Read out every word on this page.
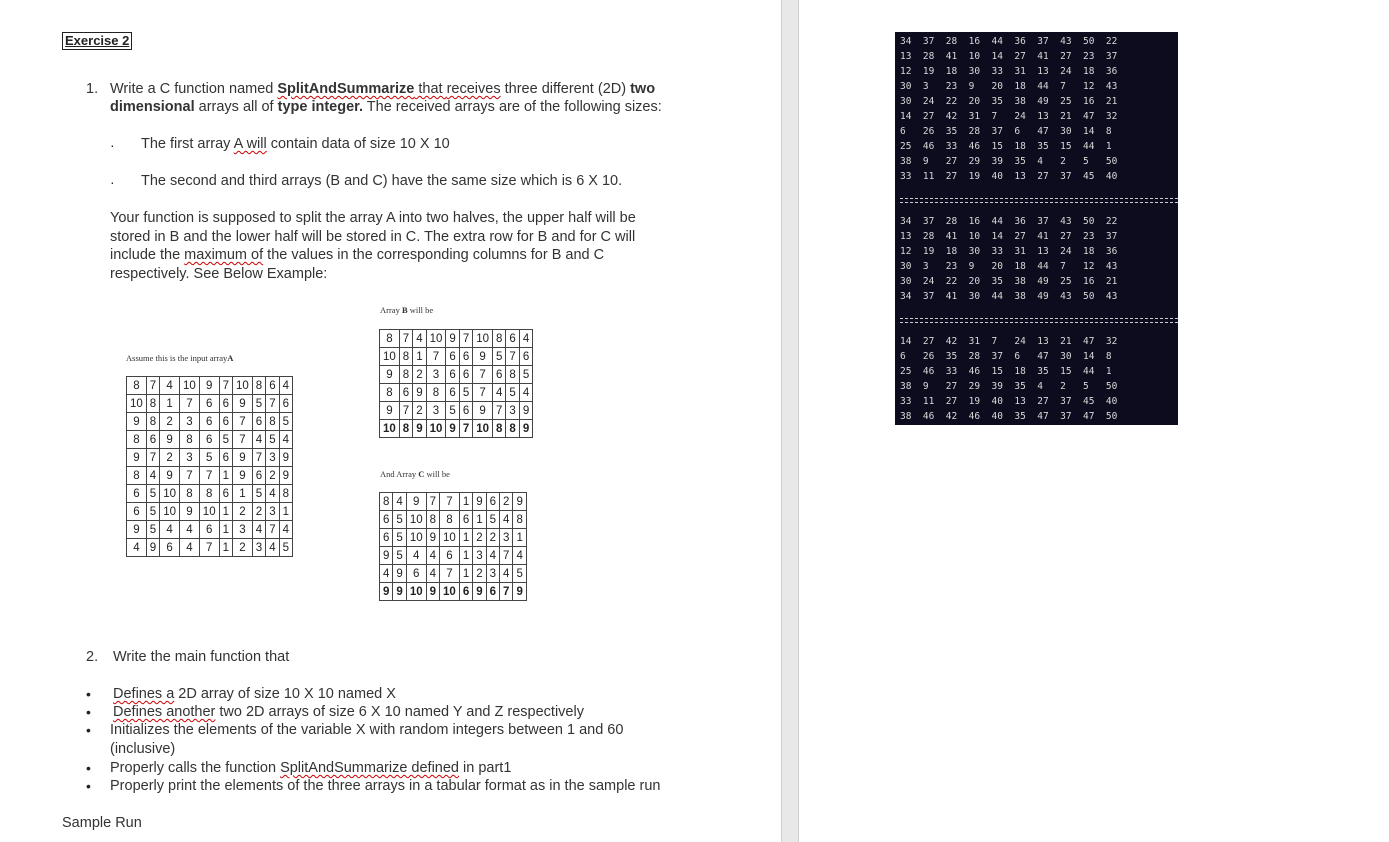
Exercise 2
1. Write a C function named SplitAndSummarize that receives three different (2D) two
dimensional arrays all of type integer. The received arrays are of the following sizes:
· The first array A will contain data of size 10 X 10
· The second and third arrays (B and C) have the same size which is 6 X 10.
Your function is supposed to split the array A into two halves, the upper half will be
stored in B and the lower half will be stored in C. The extra row for B and for C will
include the maximum of the values in the corresponding columns for B and C
respectively. See Below Example:
Array B will be
Assume this is the input arrayA
And Array C will be
8	7	4	10	9	7	10	8	6	4
10	8	1	7	6	6	9	5	7	6
9	8	2	3	6	6	7	6	8	5
8	6	9	8	6	5	7	4	5	4
9	7	2	3	5	6	9	7	3	9
8	4	9	7	7	1	9	6	2	9
6	5	10	8	8	6	1	5	4	8
6	5	10	9	10	1	2	2	3	1
9	5	4	4	6	1	3	4	7	4
4	9	6	4	7	1	2	3	4	5
8	7	4	10	9	7	10	8	6	4
10	8	1	7	6	6	9	5	7	6
9	8	2	3	6	6	7	6	8	5
8	6	9	8	6	5	7	4	5	4
9	7	2	3	5	6	9	7	3	9
10	8	9	10	9	7	10	8	8	9
8	4	9	7	7	1	9	6	2	9
6	5	10	8	8	6	1	5	4	8
6	5	10	9	10	1	2	2	3	1
9	5	4	4	6	1	3	4	7	4
4	9	6	4	7	1	2	3	4	5
9	9	10	9	10	6	9	6	7	9
2. Write the main function that
• Defines a 2D array of size 10 X 10 named X
• Defines another two 2D arrays of size 6 X 10 named Y and Z respectively
• Initializes the elements of the variable X with random integers between 1 and 60
(inclusive)
• Properly calls the function SplitAndSummarize defined in part1
• Properly print the elements of the three arrays in a tabular format as in the sample run
Sample Run
34  37  28  16  44  36  37  43  50  22
13  28  41  10  14  27  41  27  23  37
12  19  18  30  33  31  13  24  18  36
30  3   23  9   20  18  44  7   12  43
30  24  22  20  35  38  49  25  16  21
14  27  42  31  7   24  13  21  47  32
6   26  35  28  37  6   47  30  14  8
25  46  33  46  15  18  35  15  44  1
38  9   27  29  39  35  4   2   5   50
33  11  27  19  40  13  27  37  45  40
34  37  28  16  44  36  37  43  50  22
13  28  41  10  14  27  41  27  23  37
12  19  18  30  33  31  13  24  18  36
30  3   23  9   20  18  44  7   12  43
30  24  22  20  35  38  49  25  16  21
34  37  41  30  44  38  49  43  50  43
14  27  42  31  7   24  13  21  47  32
6   26  35  28  37  6   47  30  14  8
25  46  33  46  15  18  35  15  44  1
38  9   27  29  39  35  4   2   5   50
33  11  27  19  40  13  27  37  45  40
38  46  42  46  40  35  47  37  47  50
